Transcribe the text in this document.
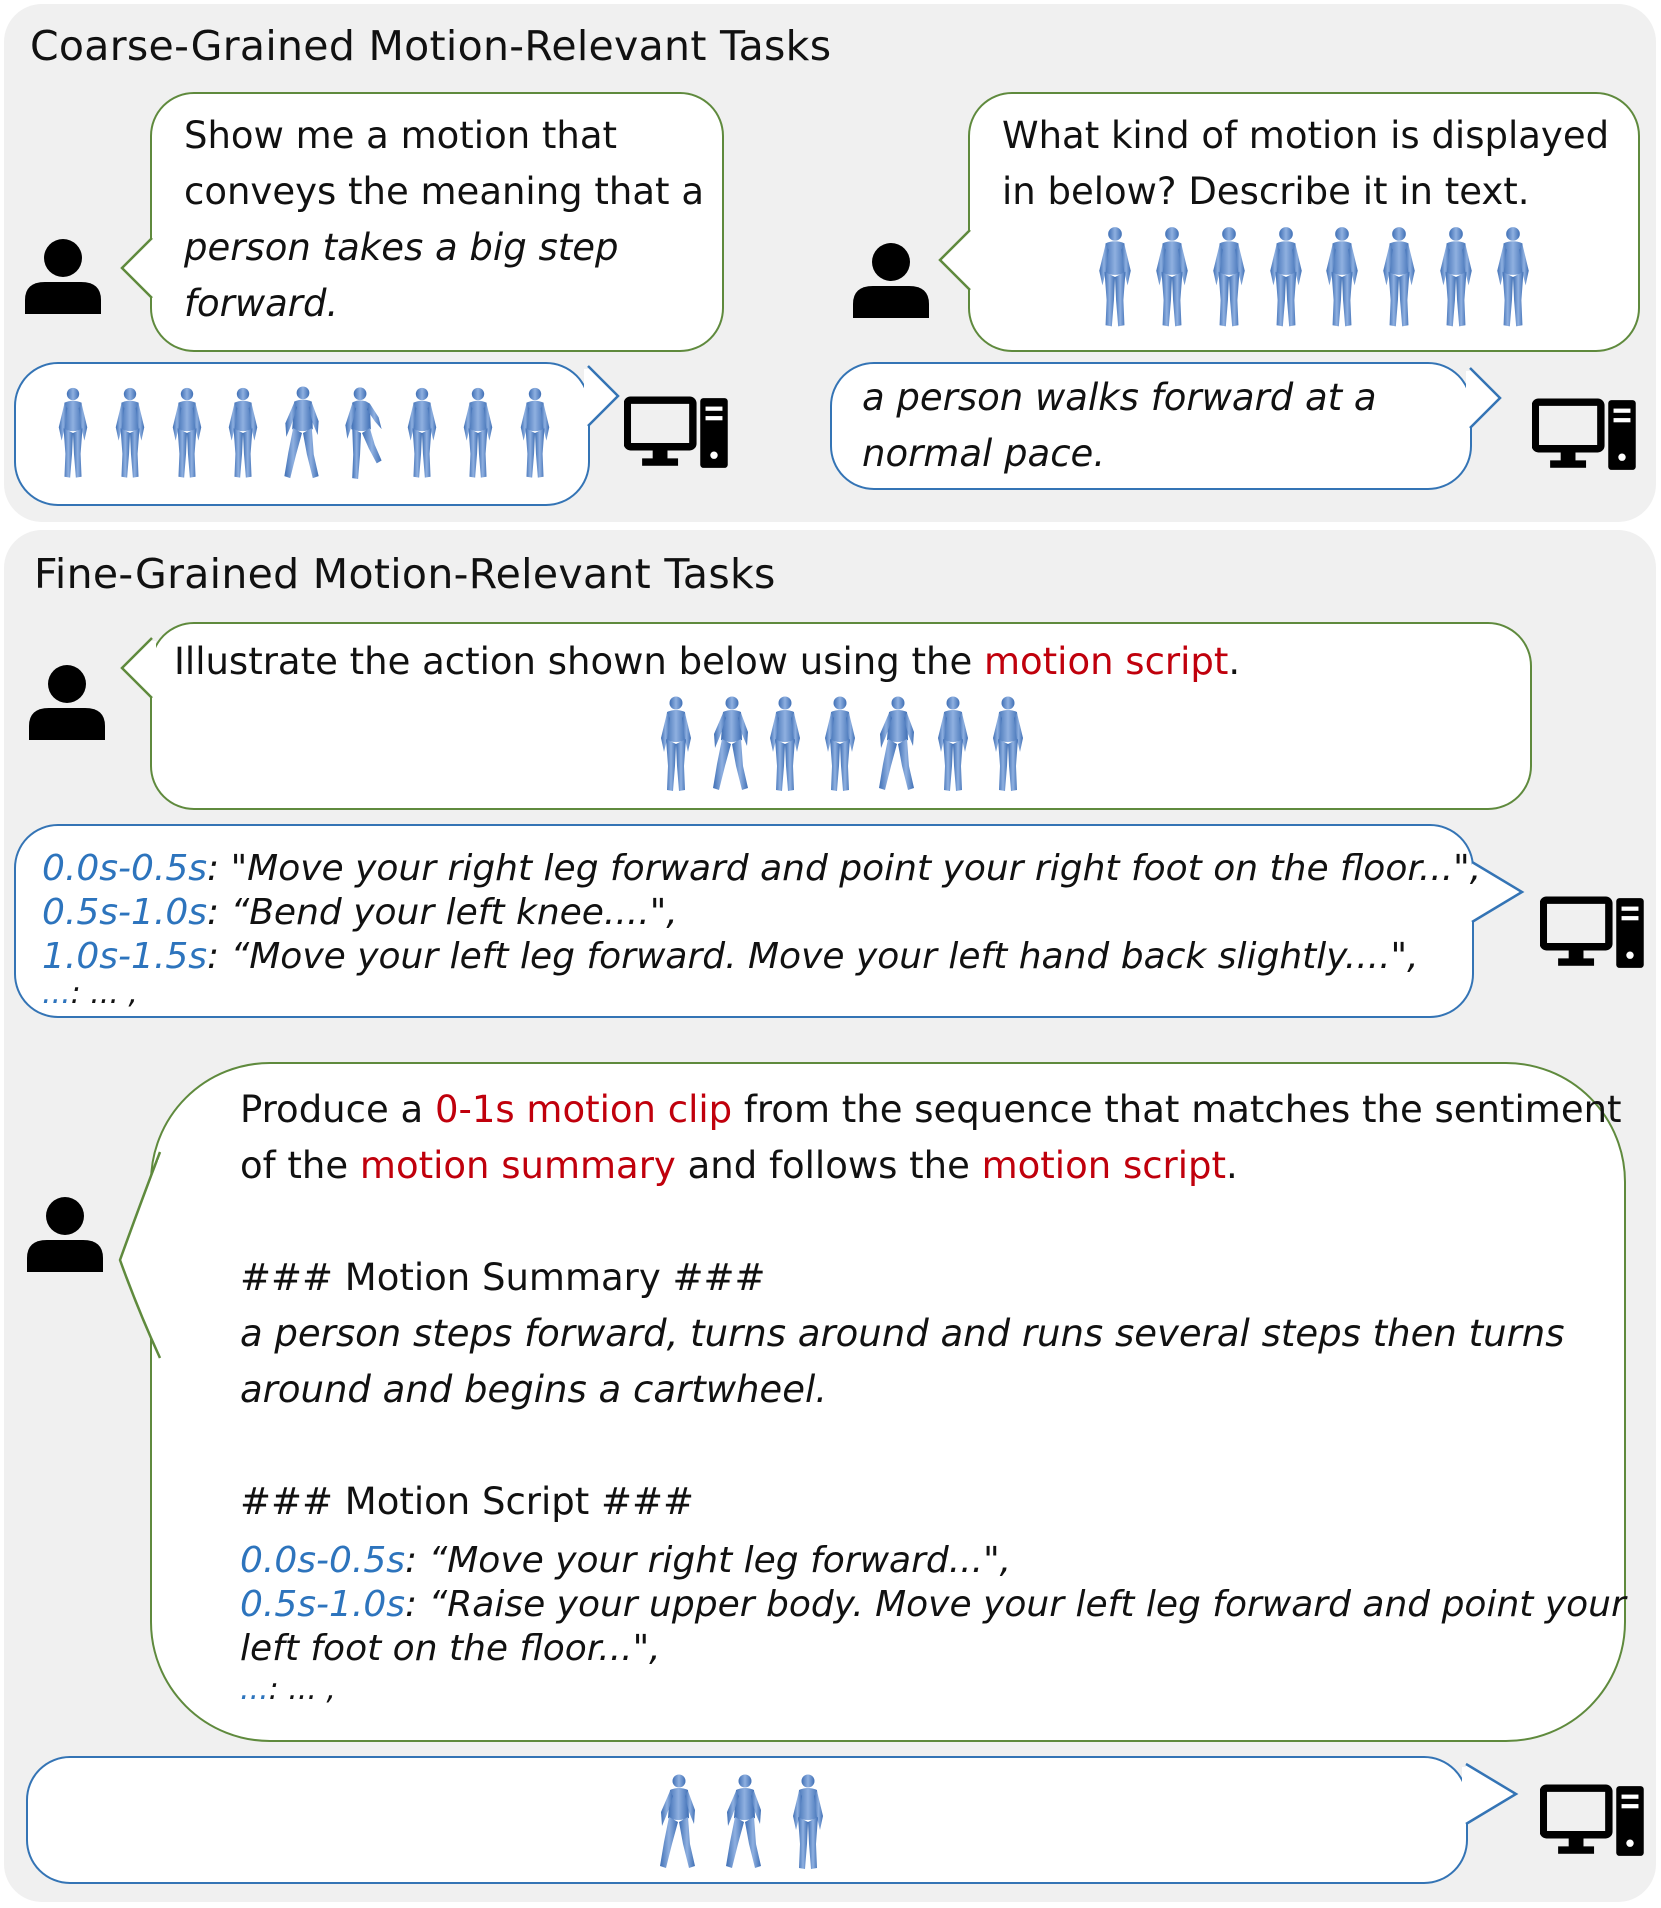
Coarse-Grained Motion-Relevant Tasks
Show me a motion that
conveys the meaning that a
person takes a big step
forward.
What kind of motion is displayed
in below? Describe it in text.
a person walks forward at a
normal pace.
Fine-Grained Motion-Relevant Tasks
Illustrate the action shown below using the motion script.
0.0s-0.5s: "Move your right leg forward and point your right foot on the floor...",
0.5s-1.0s: “Bend your left knee....",
1.0s-1.5s: “Move your left leg forward. Move your left hand back slightly....",
...: ... ,
Produce a 0-1s motion clip from the sequence that matches the sentiment
of the motion summary and follows the motion script.
### Motion Summary ###
a person steps forward, turns around and runs several steps then turns
around and begins a cartwheel.
### Motion Script ###
0.0s-0.5s: “Move your right leg forward...",
0.5s-1.0s: “Raise your upper body. Move your left leg forward and point your
left foot on the floor...",
...: ... ,
